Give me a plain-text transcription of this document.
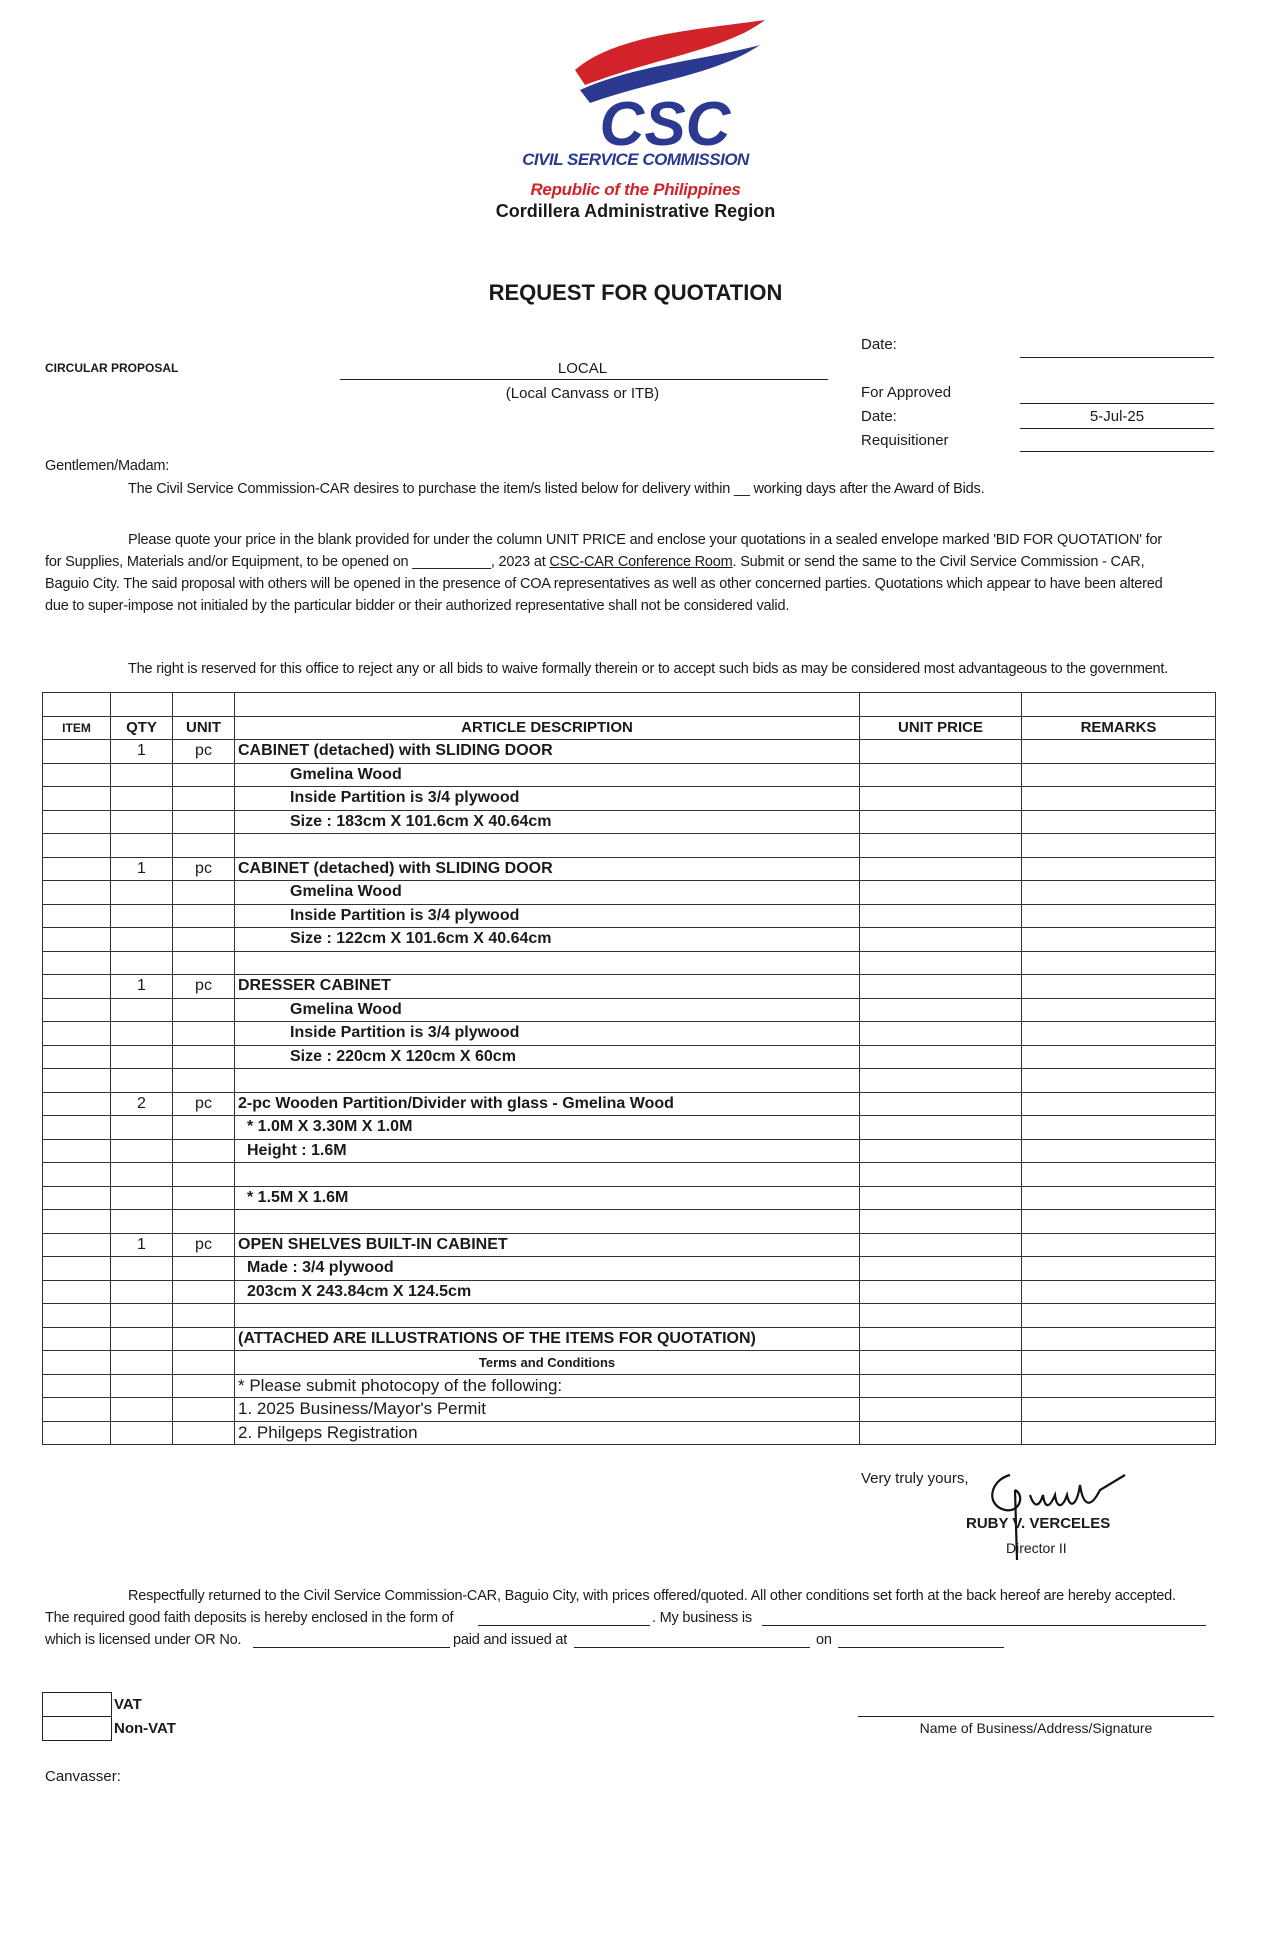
CSC
CIVIL SERVICE COMMISSION
Republic of the Philippines
Cordillera Administrative Region
REQUEST FOR QUOTATION
CIRCULAR PROPOSAL	LOCAL
(Local Canvass or ITB)
Date:
For Approved
Date:	5-Jul-25
Requisitioner
Gentlemen/Madam:
The Civil Service Commission-CAR desires to purchase the item/s listed below for delivery within __ working days after the Award of Bids.
Please quote your price in the blank provided for under the column UNIT PRICE and enclose your quotations in a sealed envelope marked 'BID FOR QUOTATION' for
for Supplies, Materials and/or Equipment, to be opened on __________, 2023 at CSC-CAR Conference Room. Submit or send the same to the Civil Service Commission - CAR,
Baguio City. The said proposal with others will be opened in the presence of COA representatives as well as other concerned parties. Quotations which appear to have been altered
due to super-impose not initialed by the particular bidder or their authorized representative shall not be considered valid.
The right is reserved for this office to reject any or all bids to waive formally therein or to accept such bids as may be considered most advantageous to the government.

ITEM	QTY	UNIT	ARTICLE DESCRIPTION	UNIT PRICE	REMARKS
	1	pc	CABINET (detached) with SLIDING DOOR		
			Gmelina Wood		
			Inside Partition is 3/4 plywood		
			Size : 183cm X 101.6cm X 40.64cm		

	1	pc	CABINET (detached) with SLIDING DOOR		
			Gmelina Wood		
			Inside Partition is 3/4 plywood		
			Size : 122cm X 101.6cm X 40.64cm		

	1	pc	DRESSER CABINET		
			Gmelina Wood		
			Inside Partition is 3/4 plywood		
			Size : 220cm X 120cm X 60cm		

	2	pc	2-pc Wooden Partition/Divider with glass - Gmelina Wood		
			* 1.0M X 3.30M X 1.0M		
			Height : 1.6M		

			* 1.5M X 1.6M		

	1	pc	OPEN SHELVES BUILT-IN CABINET		
			Made : 3/4 plywood		
			203cm X 243.84cm X 124.5cm		

			(ATTACHED ARE ILLUSTRATIONS OF THE ITEMS FOR QUOTATION)		
			Terms and Conditions		
			* Please submit photocopy of the following:		
			1. 2025 Business/Mayor's Permit		
			2. Philgeps Registration		
Very truly yours,
RUBY V. VERCELES
Director II
Respectfully returned to the Civil Service Commission-CAR, Baguio City, with prices offered/quoted. All other conditions set forth at the back hereof are hereby accepted.
The required good faith deposits is hereby enclosed in the form of	. My business is
which is licensed under OR No.	paid and issued at	on
VAT
Non-VAT	Name of Business/Address/Signature
Canvasser:
